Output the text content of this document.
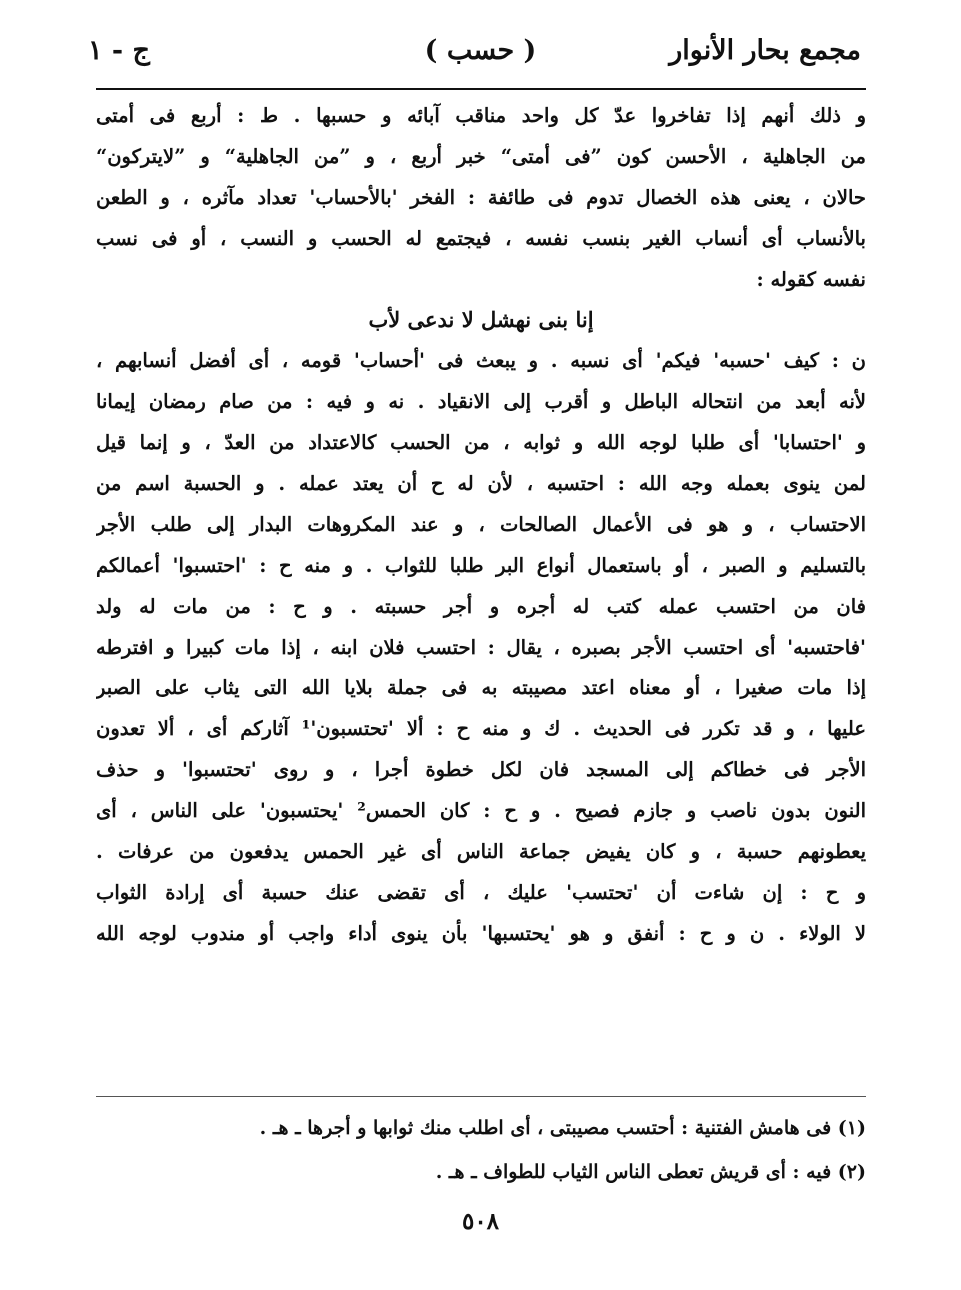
مجمع بحار الأنوار
( حسب )
ج - ١
و ذلك أنهم إذا تفاخروا عدّ كل واحد مناقب آبائه و حسبها . ط : أربع فى أمتى
من الجاهلية ، الأحسن كون ”فى أمتى“ خبر أربع ، و ”من الجاهلية“ و ”لايتركون“
حالان ، يعنى هذه الخصال تدوم فى طائفة : الفخر 'بالأحساب' تعداد مآثره ، و الطعن
بالأنساب أى أنساب الغير بنسب نفسه ، فيجتمع له الحسب و النسب ، أو فى نسب
نفسه كقوله :
إنا بنى نهشل لا ندعى لأب
ن : كيف 'حسبه' فيكم' أى نسبه . و يبعث فى 'أحساب' قومه ، أى أفضل أنسابهم ،
لأنه أبعد من انتحاله الباطل و أقرب إلى الانقياد . نه و فيه : من صام رمضان إيمانا
و 'احتسابا' أى طلبا لوجه الله و ثوابه ، من الحسب كالاعتداد من العدّ ، و إنما قيل
لمن ينوى بعمله وجه الله : احتسبه ، لأن له ح أن يعتد عمله . و الحسبة اسم من
الاحتساب ، و هو فى الأعمال الصالحات ، و عند المكروهات البدار إلى طلب الأجر
بالتسليم و الصبر ، أو باستعمال أنواع البر طلبا للثواب . و منه ح : 'احتسبوا' أعمالكم
فان من احتسب عمله كتب له أجره و أجر حسبته . و ح : من مات له ولد
'فاحتسبه' أى احتسب الأجر بصبره ، يقال : احتسب فلان ابنه ، إذا مات كبيرا و افترطه
إذا مات صغيرا ، أو معناه اعتد مصيبته به فى جملة بلايا الله التى يثاب على الصبر
عليها ، و قد تكرر فى الحديث . ك و منه ح : ألا 'تحتسبون'¹ آثاركم أى ، ألا تعدون
الأجر فى خطاكم إلى المسجد فان لكل خطوة أجرا ، و روى 'تحتسبوا' و حذف
النون بدون ناصب و جازم فصيح . و ح : كان الحمس² 'يحتسبون' على الناس ، أى
يعطونهم حسبة ، و كان يفيض جماعة الناس أى غير الحمس يدفعون من عرفات .
و ح : إن شاءت أن 'تحتسب' عليك ، أى تقضى عنك حسبة أى إرادة الثواب
لا الولاء . ن و ح : أنفق و هو 'يحتسبها' بأن ينوى أداء واجب أو مندوب لوجه الله
(١) فى هامش الفتنية : أحتسب مصيبتى ، أى اطلب منك ثوابها و أجرها ـ هـ .
(٢) فيه : أى قريش تعطى الناس الثياب للطواف ـ هـ .
٥٠٨
